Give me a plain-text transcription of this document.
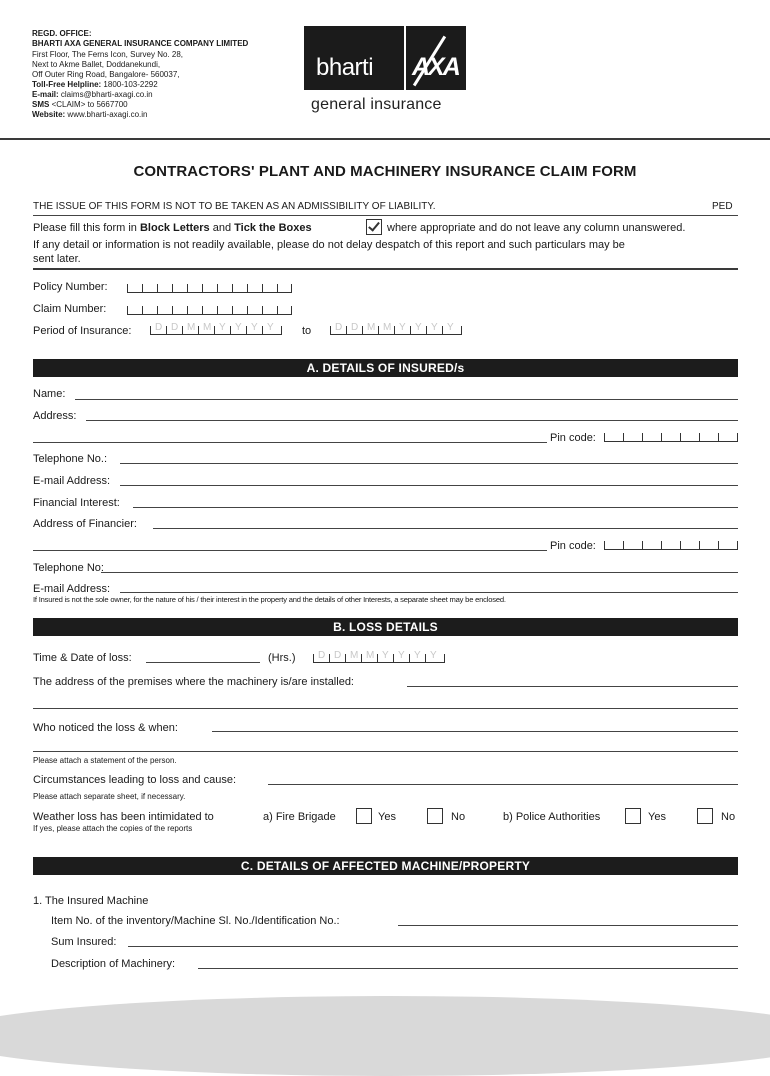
REGD. OFFICE:
BHARTI AXA GENERAL INSURANCE COMPANY LIMITED
First Floor, The Ferns Icon, Survey No. 28,
Next to Akme Ballet, Doddanekundi,
Off Outer Ring Road, Bangalore- 560037,
Toll-Free Helpline: 1800-103-2292
E-mail: claims@bharti-axagi.co.in
SMS <CLAIM> to 5667700
Website: www.bharti-axagi.co.in
bharti AXA
general insurance
CONTRACTORS' PLANT AND MACHINERY INSURANCE CLAIM FORM
THE ISSUE OF THIS FORM IS NOT TO BE TAKEN AS AN ADMISSIBILITY OF LIABILITY.	PED
Please fill this form in Block Letters and Tick the Boxes	where appropriate and do not leave any column unanswered.
If any detail or information is not readily available, please do not delay despatch of this report and such particulars may be
sent later.
Policy Number:
Claim Number:
Period of Insurance: D D M M Y Y Y Y	to D D M M Y Y Y Y
A. DETAILS OF INSURED/s
Name:
Address:
Pin code:
Telephone No.:
E-mail Address:
Financial Interest:
Address of Financier:
Pin code:
Telephone No:
E-mail Address:
If Insured is not the sole owner, for the nature of his / their interest in the property and the details of other Interests, a separate sheet may be enclosed.
B. LOSS DETAILS
Time & Date of loss:	(Hrs.) D D M M Y Y Y Y
The address of the premises where the machinery is/are installed:
Who noticed the loss & when:
Please attach a statement of the person.
Circumstances leading to loss and cause:
Please attach separate sheet, if necessary.
Weather loss has been intimidated to
If yes, please attach the copies of the reports
a) Fire Brigade	Yes	No	b) Police Authorities	Yes	No
C. DETAILS OF AFFECTED MACHINE/PROPERTY
1. The Insured Machine
Item No. of the inventory/Machine Sl. No./Identification No.:
Sum Insured:
Description of Machinery:
